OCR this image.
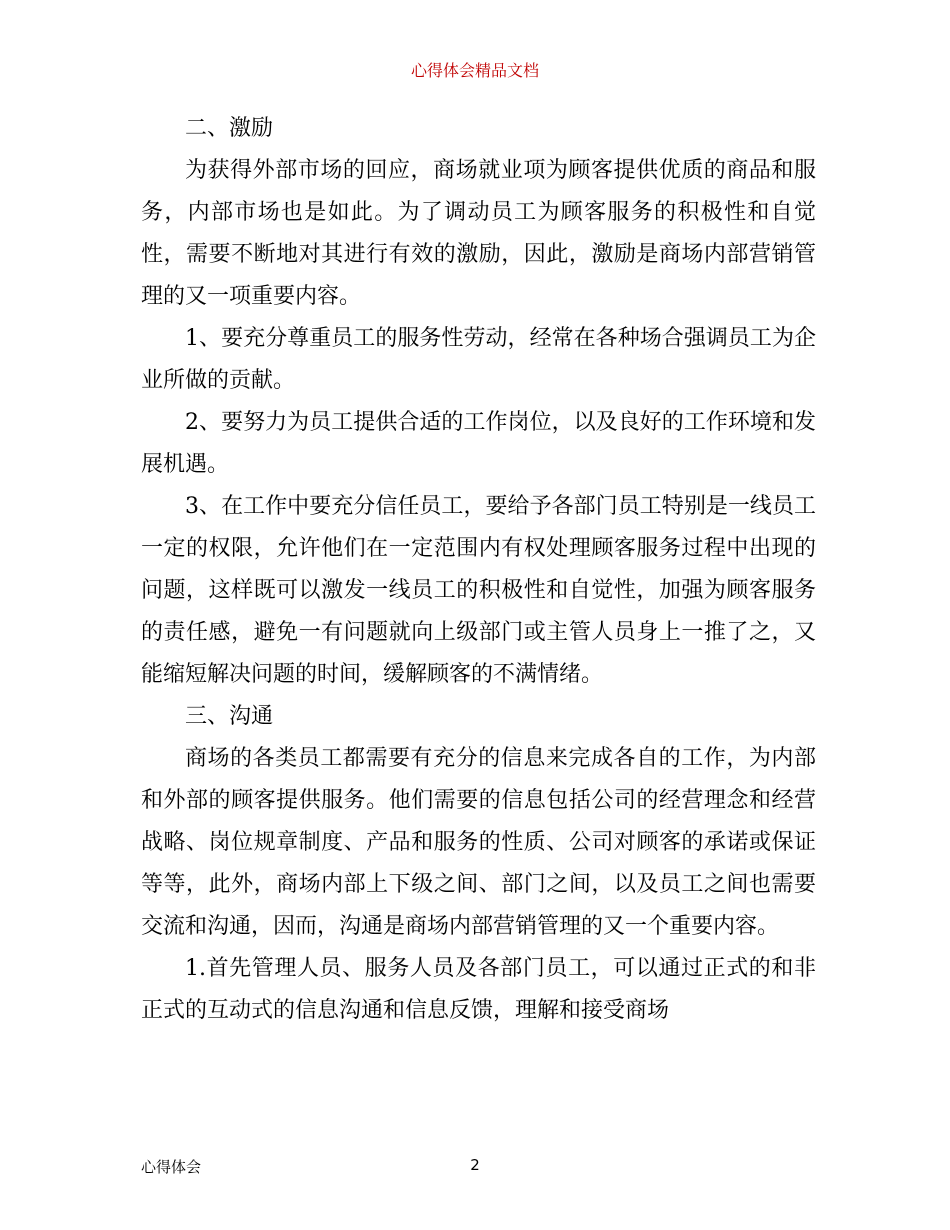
心得体会精品文档

二、激励

为获得外部市场的回应，商场就业项为顾客提供优质的商品和服务，内部市场也是如此。为了调动员工为顾客服务的积极性和自觉性，需要不断地对其进行有效的激励，因此，激励是商场内部营销管理的又一项重要内容。

1、要充分尊重员工的服务性劳动，经常在各种场合强调员工为企业所做的贡献。

2、要努力为员工提供合适的工作岗位，以及良好的工作环境和发展机遇。

3、在工作中要充分信任员工，要给予各部门员工特别是一线员工一定的权限，允许他们在一定范围内有权处理顾客服务过程中出现的问题，这样既可以激发一线员工的积极性和自觉性，加强为顾客服务的责任感，避免一有问题就向上级部门或主管人员身上一推了之，又能缩短解决问题的时间，缓解顾客的不满情绪。

三、沟通

商场的各类员工都需要有充分的信息来完成各自的工作，为内部和外部的顾客提供服务。他们需要的信息包括公司的经营理念和经营战略、岗位规章制度、产品和服务的性质、公司对顾客的承诺或保证等等，此外，商场内部上下级之间、部门之间，以及员工之间也需要交流和沟通，因而，沟通是商场内部营销管理的又一个重要内容。

1.首先管理人员、服务人员及各部门员工，可以通过正式的和非正式的互动式的信息沟通和信息反馈，理解和接受商场

心得体会	2
